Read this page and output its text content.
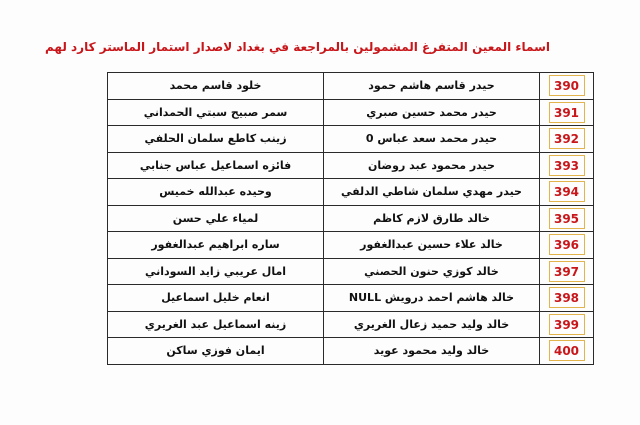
اسماء المعين المتفرغ المشمولين بالمراجعة في بغداد لاصدار استمار الماستر كارد لهم
خلود قاسم محمد	حيدر قاسم هاشم حمود	390

سمر صبيح سبتي الحمداني	حيدر محمد حسين صبري	391

زينب كاطع سلمان الحلفي	حيدر محمد سعد عباس 0	392

فائزه اسماعيل عباس جنابي	حيدر محمود عبد روضان	393

وحيده عبدالله خميس	حيدر مهدي سلمان شاطي الدلفي	394

لمياء علي حسن	خالد طارق لازم كاظم	395

ساره ابراهيم عبدالغفور	خالد علاء حسين عبدالغفور	396

امال عريبي زايد السوداني	خالد كوزي حنون الحصني	397

انعام خليل اسماعيل	خالد هاشم احمد درويش NULL	398

زينه اسماعيل عبد الغريري	خالد وليد حميد زعال الغريري	399

ايمان فوزي ساكن	خالد وليد محمود عويد	400
